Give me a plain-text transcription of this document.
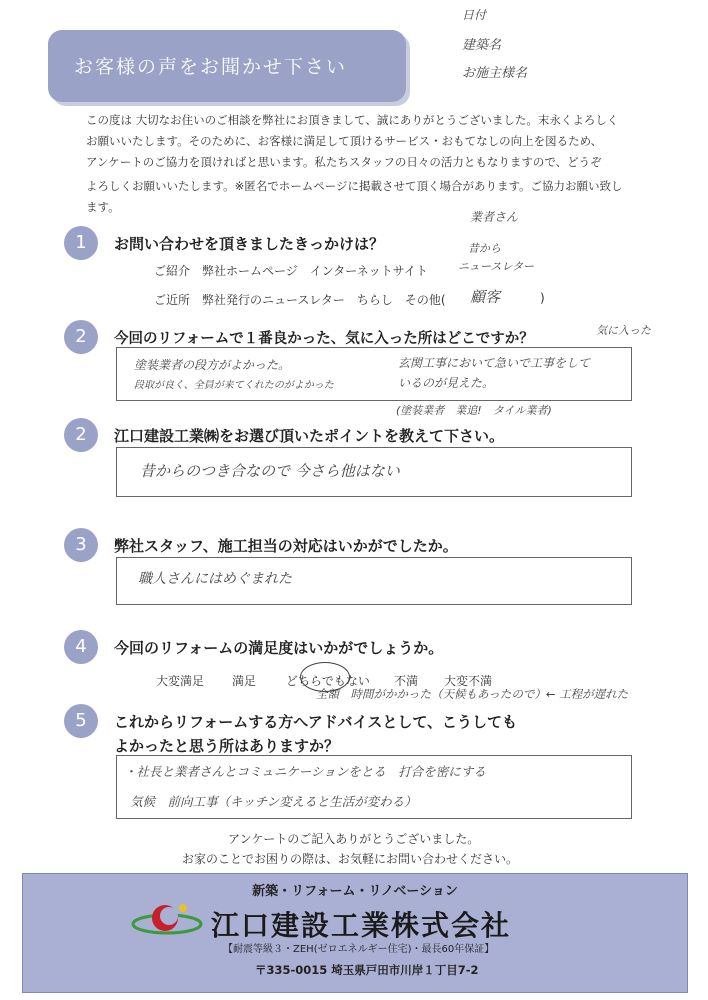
お客様の声をお聞かせ下さい
日付
建築名
お施主様名
この度は 大切なお住いのご相談を弊社にお頂きまして、誠にありがとうございました。末永くよろしく
お願いいたします。そのために、お客様に満足して頂けるサービス・おもてなしの向上を図るため、
アンケートのご協力を頂ければと思います。私たちスタッフの日々の活力ともなりますので、どうぞ
よろしくお願いいたします。※匿名でホームページに掲載させて頂く場合があります。ご協力お願い致します。
1	お問い合わせを頂きましたきっかけは？
業者さん
昔から
ニュースレター
ご紹介　弊社ホームページ　インターネットサイト
ご近所　弊社発行のニュースレター　ちらし　その他( 顧客	)
2	今回のリフォームで１番良かった、気に入った所はどこですか？
気に入った
塗装業者の段方がよかった。
段取が良く、全員が来てくれたのがよかった
玄関工事において急いで工事をして
いるのが見えた。
(塗装業者　業追!　タイル業者)
2	江口建設工業㈱をお選び頂いたポイントを教えて下さい。
昔からのつき合なので 今さら他はない
3	弊社スタッフ、施工担当の対応はいかがでしたか。
職人さんにはめぐまれた
4	今回のリフォームの満足度はいかがでしょうか。
大変満足 満足 どちらでもない 不満 大変不満
全額　時間がかかった（天候もあったので）← 工程が遅れた
5	これからリフォームする方へアドバイスとして、こうしても
よかったと思う所はありますか？
・社長と業者さんとコミュニケーションをとる　打合を密にする
気候　前向工事（キッチン変えると生活が変わる）
アンケートのご記入ありがとうございました。
お家のことでお困りの際は、お気軽にお問い合わせください。
新築・リフォーム・リノベーション
江口建設工業株式会社
【耐震等級３・ZEH(ゼロエネルギー住宅)・最長60年保証】
〒335-0015 埼玉県戸田市川岸１丁目7-2
